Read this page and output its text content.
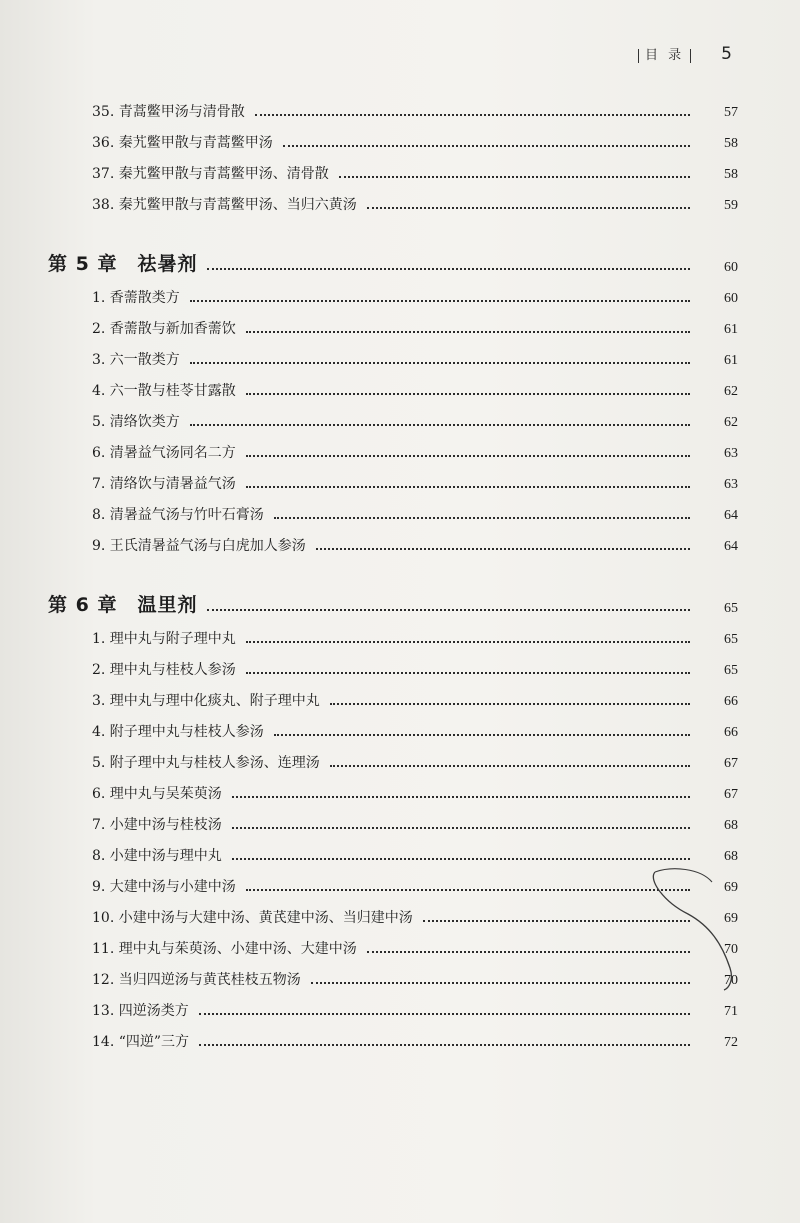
目 录	5
35. 青蒿鳖甲汤与清骨散	57
36. 秦艽鳖甲散与青蒿鳖甲汤	58
37. 秦艽鳖甲散与青蒿鳖甲汤、清骨散	58
38. 秦艽鳖甲散与青蒿鳖甲汤、当归六黄汤	59
第 5 章 祛暑剂	60
1. 香薷散类方	60
2. 香薷散与新加香薷饮	61
3. 六一散类方	61
4. 六一散与桂苓甘露散	62
5. 清络饮类方	62
6. 清暑益气汤同名二方	63
7. 清络饮与清暑益气汤	63
8. 清暑益气汤与竹叶石膏汤	64
9. 王氏清暑益气汤与白虎加人参汤	64
第 6 章 温里剂	65
1. 理中丸与附子理中丸	65
2. 理中丸与桂枝人参汤	65
3. 理中丸与理中化痰丸、附子理中丸	66
4. 附子理中丸与桂枝人参汤	66
5. 附子理中丸与桂枝人参汤、连理汤	67
6. 理中丸与吴茱萸汤	67
7. 小建中汤与桂枝汤	68
8. 小建中汤与理中丸	68
9. 大建中汤与小建中汤	69
10. 小建中汤与大建中汤、黄芪建中汤、当归建中汤	69
11. 理中丸与茱萸汤、小建中汤、大建中汤	70
12. 当归四逆汤与黄芪桂枝五物汤	70
13. 四逆汤类方	71
14. “四逆”三方	72
